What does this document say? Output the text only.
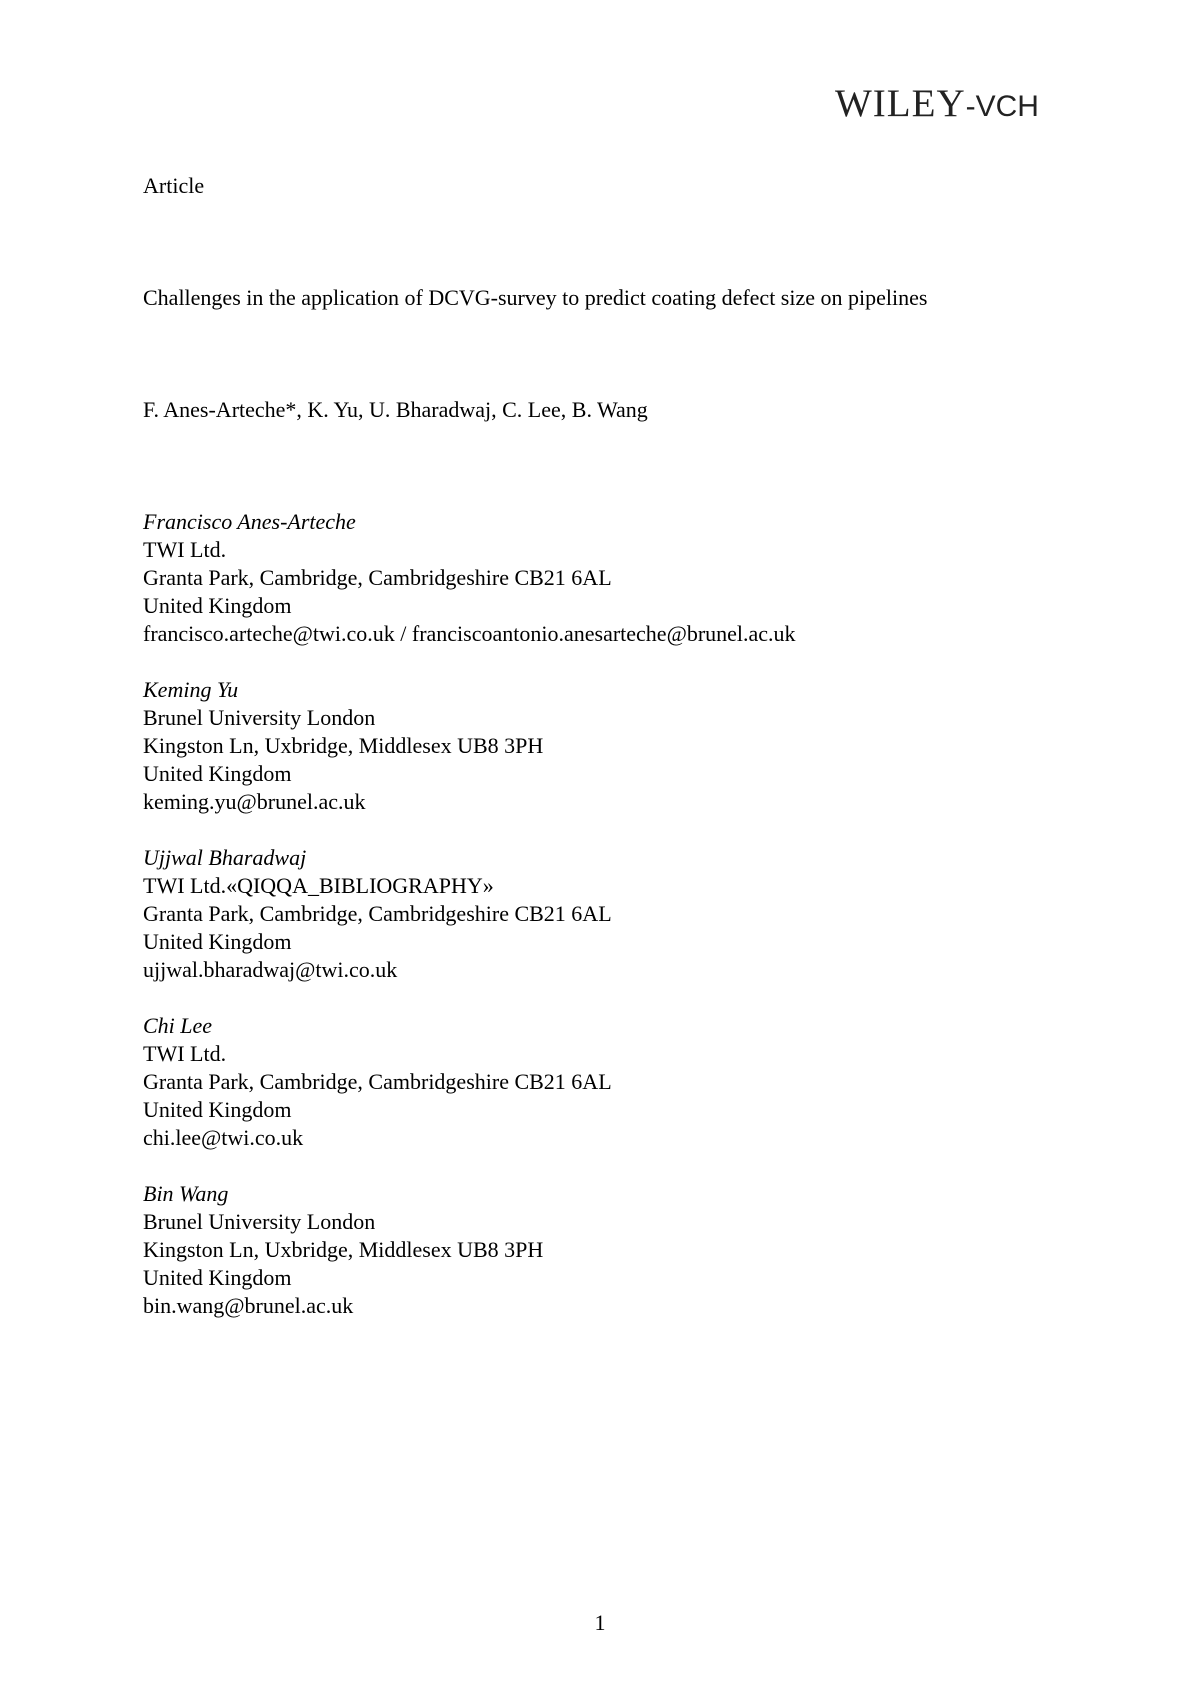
WILEY-VCH
Article
Challenges in the application of DCVG-survey to predict coating defect size on pipelines
F. Anes-Arteche*, K. Yu, U. Bharadwaj, C. Lee, B. Wang
Francisco Anes-Arteche
TWI Ltd.
Granta Park, Cambridge, Cambridgeshire CB21 6AL
United Kingdom
francisco.arteche@twi.co.uk / franciscoantonio.anesarteche@brunel.ac.uk
Keming Yu
Brunel University London
Kingston Ln, Uxbridge, Middlesex UB8 3PH
United Kingdom
keming.yu@brunel.ac.uk
Ujjwal Bharadwaj
TWI Ltd.«QIQQA_BIBLIOGRAPHY»
Granta Park, Cambridge, Cambridgeshire CB21 6AL
United Kingdom
ujjwal.bharadwaj@twi.co.uk
Chi Lee
TWI Ltd.
Granta Park, Cambridge, Cambridgeshire CB21 6AL
United Kingdom
chi.lee@twi.co.uk
Bin Wang
Brunel University London
Kingston Ln, Uxbridge, Middlesex UB8 3PH
United Kingdom
bin.wang@brunel.ac.uk
1
